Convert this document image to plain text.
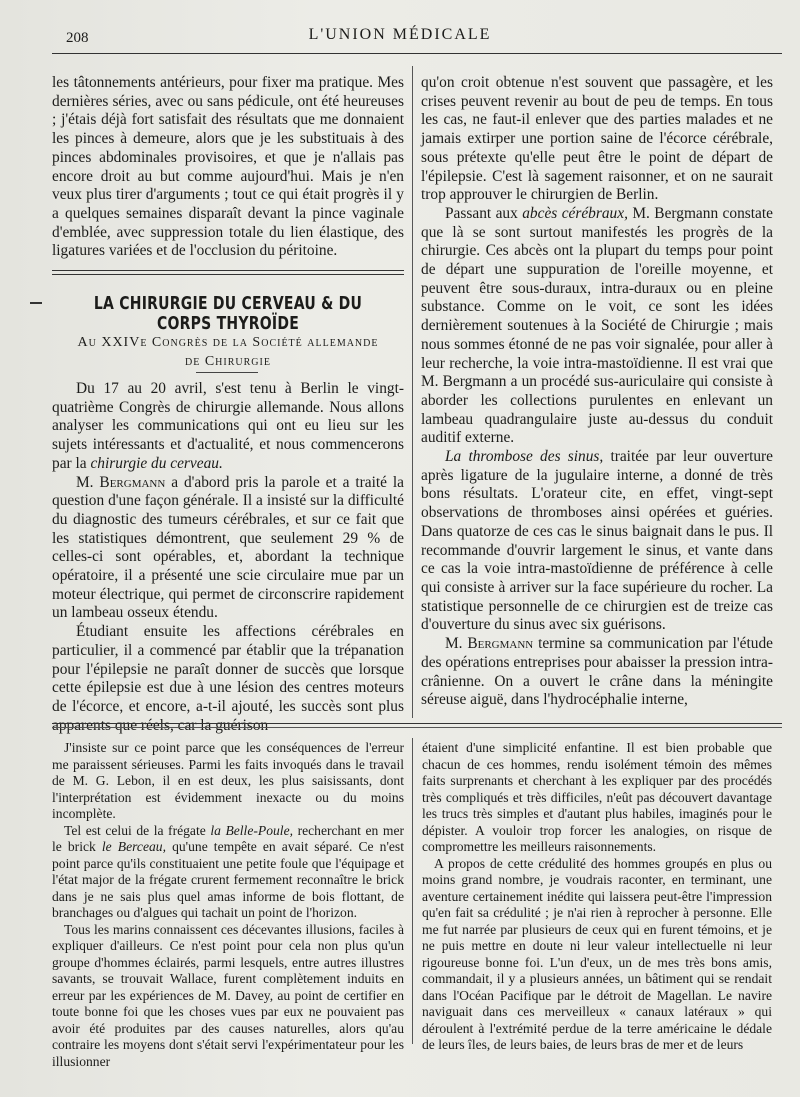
208	L'UNION MÉDICALE

les tâtonnements antérieurs, pour fixer ma pratique. Mes dernières séries, avec ou sans pédicule, ont été heureuses ; j'étais déjà fort satisfait des résultats que me donnaient les pinces à demeure, alors que je les substituais à des pinces abdominales provisoires, et que je n'allais pas encore droit au but comme aujourd'hui. Mais je n'en veux plus tirer d'arguments ; tout ce qui était progrès il y a quelques semaines disparaît devant la pince vaginale d'emblée, avec suppression totale du lien élastique, des ligatures variées et de l'occlusion du péritoine.

LA CHIRURGIE DU CERVEAU & DU CORPS THYROÏDE
Au XXIVe Congrès de la Société allemande
de Chirurgie

Du 17 au 20 avril, s'est tenu à Berlin le vingt-quatrième Congrès de chirurgie allemande. Nous allons analyser les communications qui ont eu lieu sur les sujets intéressants et d'actualité, et nous commencerons par la chirurgie du cerveau.

M. Bergmann a d'abord pris la parole et a traité la question d'une façon générale. Il a insisté sur la difficulté du diagnostic des tumeurs cérébrales, et sur ce fait que les statistiques démontrent, que seulement 29 % de celles-ci sont opérables, et, abordant la technique opératoire, il a présenté une scie circulaire mue par un moteur électrique, qui permet de circonscrire rapidement un lambeau osseux étendu.

Étudiant ensuite les affections cérébrales en particulier, il a commencé par établir que la trépanation pour l'épilepsie ne paraît donner de succès que lorsque cette épilepsie est due à une lésion des centres moteurs de l'écorce, et encore, a-t-il ajouté, les succès sont plus apparents que réels, car la guérison

qu'on croit obtenue n'est souvent que passagère, et les crises peuvent revenir au bout de peu de temps. En tous les cas, ne faut-il enlever que des parties malades et ne jamais extirper une portion saine de l'écorce cérébrale, sous prétexte qu'elle peut être le point de départ de l'épilepsie. C'est là sagement raisonner, et on ne saurait trop approuver le chirurgien de Berlin.

Passant aux abcès cérébraux, M. Bergmann constate que là se sont surtout manifestés les progrès de la chirurgie. Ces abcès ont la plupart du temps pour point de départ une suppuration de l'oreille moyenne, et peuvent être sous-duraux, intra-duraux ou en pleine substance. Comme on le voit, ce sont les idées dernièrement soutenues à la Société de Chirurgie ; mais nous sommes étonné de ne pas voir signalée, pour aller à leur recherche, la voie intra-mastoïdienne. Il est vrai que M. Bergmann a un procédé sus-auriculaire qui consiste à aborder les collections purulentes en enlevant un lambeau quadrangulaire juste au-dessus du conduit auditif externe.

La thrombose des sinus, traitée par leur ouverture après ligature de la jugulaire interne, a donné de très bons résultats. L'orateur cite, en effet, vingt-sept observations de thromboses ainsi opérées et guéries. Dans quatorze de ces cas le sinus baignait dans le pus. Il recommande d'ouvrir largement le sinus, et vante dans ce cas la voie intra-mastoïdienne de préférence à celle qui consiste à arriver sur la face supérieure du rocher. La statistique personnelle de ce chirurgien est de treize cas d'ouverture du sinus avec six guérisons.

M. Bergmann termine sa communication par l'étude des opérations entreprises pour abaisser la pression intra-crânienne. On a ouvert le crâne dans la méningite séreuse aiguë, dans l'hydrocéphalie interne,

J'insiste sur ce point parce que les conséquences de l'erreur me paraissent sérieuses. Parmi les faits invoqués dans le travail de M. G. Lebon, il en est deux, les plus saisissants, dont l'interprétation est évidemment inexacte ou du moins incomplète.

Tel est celui de la frégate la Belle-Poule, recherchant en mer le brick le Berceau, qu'une tempête en avait séparé. Ce n'est point parce qu'ils constituaient une petite foule que l'équipage et l'état major de la frégate crurent fermement reconnaître le brick dans je ne sais plus quel amas informe de bois flottant, de branchages ou d'algues qui tachait un point de l'horizon.

Tous les marins connaissent ces décevantes illusions, faciles à expliquer d'ailleurs. Ce n'est point pour cela non plus qu'un groupe d'hommes éclairés, parmi lesquels, entre autres illustres savants, se trouvait Wallace, furent complètement induits en erreur par les expériences de M. Davey, au point de certifier en toute bonne foi que les choses vues par eux ne pouvaient pas avoir été produites par des causes naturelles, alors qu'au contraire les moyens dont s'était servi l'expérimentateur pour les illusionner

étaient d'une simplicité enfantine. Il est bien probable que chacun de ces hommes, rendu isolément témoin des mêmes faits surprenants et cherchant à les expliquer par des procédés très compliqués et très difficiles, n'eût pas découvert davantage les trucs très simples et d'autant plus habiles, imaginés pour le dépister. A vouloir trop forcer les analogies, on risque de compromettre les meilleurs raisonnements.

A propos de cette crédulité des hommes groupés en plus ou moins grand nombre, je voudrais raconter, en terminant, une aventure certainement inédite qui laissera peut-être l'impression qu'en fait sa crédulité ; je n'ai rien à reprocher à personne. Elle me fut narrée par plusieurs de ceux qui en furent témoins, et je ne puis mettre en doute ni leur valeur intellectuelle ni leur rigoureuse bonne foi. L'un d'eux, un de mes très bons amis, commandait, il y a plusieurs années, un bâtiment qui se rendait dans l'Océan Pacifique par le détroit de Magellan. Le navire naviguait dans ces merveilleux « canaux latéraux » qui déroulent à l'extrémité perdue de la terre américaine le dédale de leurs îles, de leurs baies, de leurs bras de mer et de leurs
